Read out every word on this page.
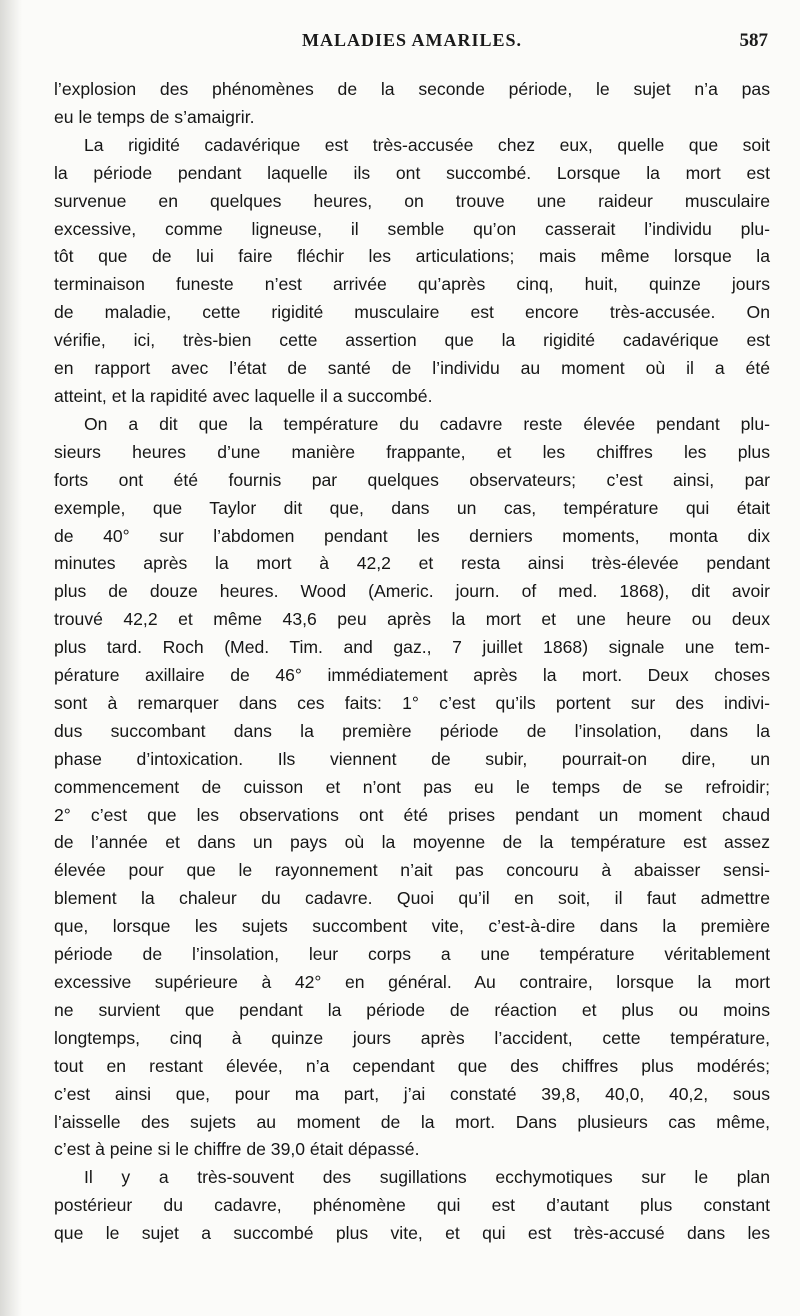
MALADIES AMARILES.	587
l’explosion des phénomènes de la seconde période, le sujet n’a pas
eu le temps de s’amaigrir.
La rigidité cadavérique est très-accusée chez eux, quelle que soit
la période pendant laquelle ils ont succombé. Lorsque la mort est
survenue en quelques heures, on trouve une raideur musculaire
excessive, comme ligneuse, il semble qu’on casserait l’individu plu-
tôt que de lui faire fléchir les articulations; mais même lorsque la
terminaison funeste n’est arrivée qu’après cinq, huit, quinze jours
de maladie, cette rigidité musculaire est encore très-accusée. On
vérifie, ici, très-bien cette assertion que la rigidité cadavérique est
en rapport avec l’état de santé de l’individu au moment où il a été
atteint, et la rapidité avec laquelle il a succombé.
On a dit que la température du cadavre reste élevée pendant plu-
sieurs heures d’une manière frappante, et les chiffres les plus
forts ont été fournis par quelques observateurs; c’est ainsi, par
exemple, que Taylor dit que, dans un cas, température qui était
de 40° sur l’abdomen pendant les derniers moments, monta dix
minutes après la mort à 42,2 et resta ainsi très-élevée pendant
plus de douze heures. Wood (Americ. journ. of med. 1868), dit avoir
trouvé 42,2 et même 43,6 peu après la mort et une heure ou deux
plus tard. Roch (Med. Tim. and gaz., 7 juillet 1868) signale une tem-
pérature axillaire de 46° immédiatement après la mort. Deux choses
sont à remarquer dans ces faits: 1° c’est qu’ils portent sur des indivi-
dus succombant dans la première période de l’insolation, dans la
phase d’intoxication. Ils viennent de subir, pourrait-on dire, un
commencement de cuisson et n’ont pas eu le temps de se refroidir;
2° c’est que les observations ont été prises pendant un moment chaud
de l’année et dans un pays où la moyenne de la température est assez
élevée pour que le rayonnement n’ait pas concouru à abaisser sensi-
blement la chaleur du cadavre. Quoi qu’il en soit, il faut admettre
que, lorsque les sujets succombent vite, c’est-à-dire dans la première
période de l’insolation, leur corps a une température véritablement
excessive supérieure à 42° en général. Au contraire, lorsque la mort
ne survient que pendant la période de réaction et plus ou moins
longtemps, cinq à quinze jours après l’accident, cette température,
tout en restant élevée, n’a cependant que des chiffres plus modérés;
c’est ainsi que, pour ma part, j’ai constaté 39,8, 40,0, 40,2, sous
l’aisselle des sujets au moment de la mort. Dans plusieurs cas même,
c’est à peine si le chiffre de 39,0 était dépassé.
Il y a très-souvent des sugillations ecchymotiques sur le plan
postérieur du cadavre, phénomène qui est d’autant plus constant
que le sujet a succombé plus vite, et qui est très-accusé dans les
